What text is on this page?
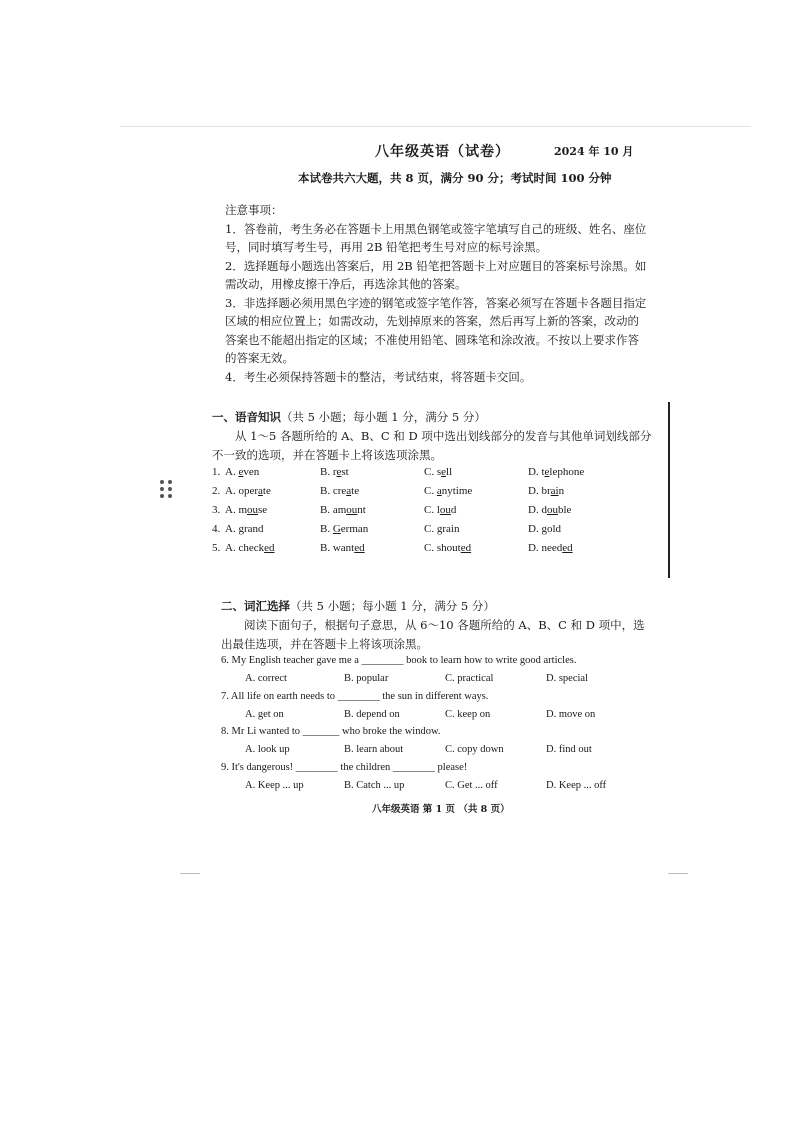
八年级英语（试卷）	2024 年 10 月
本试卷共六大题，共 8 页，满分 90 分；考试时间 100 分钟

注意事项：

1．答卷前，考生务必在答题卡上用黑色钢笔或签字笔填写自己的班级、姓名、座位号，同时填写考生号，再用 2B 铅笔把考生号对应的标号涂黑。

2．选择题每小题选出答案后，用 2B 铅笔把答题卡上对应题目的答案标号涂黑。如需改动，用橡皮擦干净后，再选涂其他的答案。

3．非选择题必须用黑色字迹的钢笔或签字笔作答，答案必须写在答题卡各题目指定区域的相应位置上；如需改动，先划掉原来的答案，然后再写上新的答案，改动的答案也不能超出指定的区域；不准使用铅笔、圆珠笔和涂改液。不按以上要求作答的答案无效。

4．考生必须保持答题卡的整洁，考试结束，将答题卡交回。

一、语音知识（共 5 小题；每小题 1 分，满分 5 分）
从 1～5 各题所给的 A、B、C 和 D 项中选出划线部分的发音与其他单词划线部分不一致的选项，并在答题卡上将该选项涂黑。
1. A. even	B. rest	C. sell	D. telephone
2. A. operate	B. create	C. anytime	D. brain
3. A. mouse	B. amount	C. loud	D. double
4. A. grand	B. German	C. grain	D. gold
5. A. checked	B. wanted	C. shouted	D. needed
二、词汇选择（共 5 小题；每小题 1 分，满分 5 分）
阅读下面句子，根据句子意思，从 6～10 各题所给的 A、B、C 和 D 项中，选出最佳选项，并在答题卡上将该项涂黑。
6. My English teacher gave me a ________ book to learn how to write good articles.
A. correct	B. popular	C. practical	D. special
7. All life on earth needs to ________ the sun in different ways.
A. get on	B. depend on	C. keep on	D. move on
8. Mr Li wanted to _______ who broke the window.
A. look up	B. learn about	C. copy down	D. find out
9. It's dangerous! ________ the children ________ please!
A. Keep ... up	B. Catch ... up	C. Get ... off	D. Keep ... off
八年级英语 第 1 页 （共 8 页）
